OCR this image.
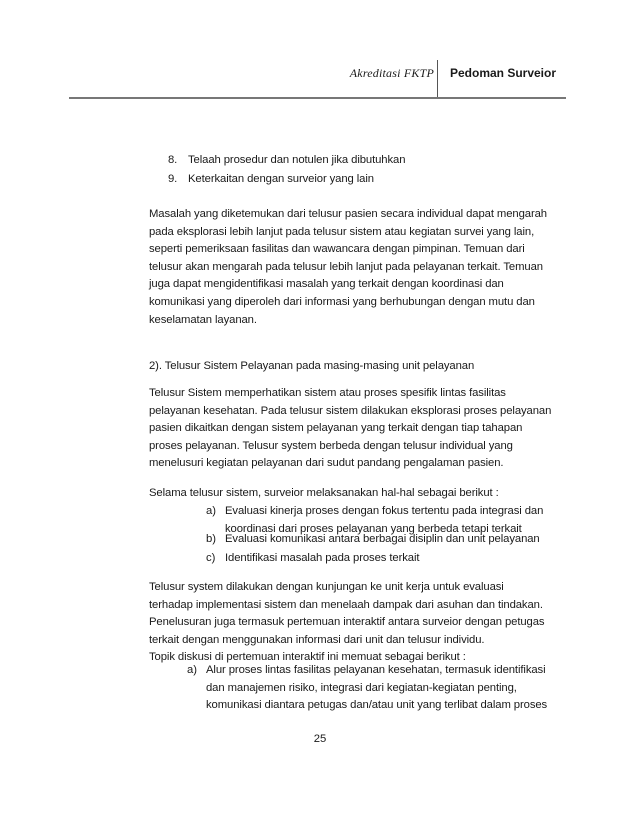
Akreditasi FKTP Pedoman Surveior
8. Telaah prosedur dan notulen jika dibutuhkan
9. Keterkaitan dengan surveior yang lain
Masalah yang diketemukan dari telusur pasien secara individual dapat mengarah
pada eksplorasi lebih lanjut pada telusur sistem atau kegiatan survei yang lain,
seperti pemeriksaan fasilitas dan wawancara dengan pimpinan. Temuan dari
telusur akan mengarah pada telusur lebih lanjut pada pelayanan terkait. Temuan
juga dapat mengidentifikasi masalah yang terkait dengan koordinasi dan
komunikasi yang diperoleh dari informasi yang berhubungan dengan mutu dan
keselamatan layanan.
2). Telusur Sistem Pelayanan pada masing-masing unit pelayanan
Telusur Sistem memperhatikan sistem atau proses spesifik lintas fasilitas
pelayanan kesehatan. Pada telusur sistem dilakukan eksplorasi proses pelayanan
pasien dikaitkan dengan sistem pelayanan yang terkait dengan tiap tahapan
proses pelayanan. Telusur system berbeda dengan telusur individual yang
menelusuri kegiatan pelayanan dari sudut pandang pengalaman pasien.
Selama telusur sistem, surveior melaksanakan hal-hal sebagai berikut :
a) Evaluasi kinerja proses dengan fokus tertentu pada integrasi dan
koordinasi dari proses pelayanan yang berbeda tetapi terkait
b) Evaluasi komunikasi antara berbagai disiplin dan unit pelayanan
c) Identifikasi masalah pada proses terkait
Telusur system dilakukan dengan kunjungan ke unit kerja untuk evaluasi
terhadap implementasi sistem dan menelaah dampak dari asuhan dan tindakan.
Penelusuran juga termasuk pertemuan interaktif antara surveior dengan petugas
terkait dengan menggunakan informasi dari unit dan telusur individu.
Topik diskusi di pertemuan interaktif ini memuat sebagai berikut :
a) Alur proses lintas fasilitas pelayanan kesehatan, termasuk identifikasi
dan manajemen risiko, integrasi dari kegiatan-kegiatan penting,
komunikasi diantara petugas dan/atau unit yang terlibat dalam proses
25
